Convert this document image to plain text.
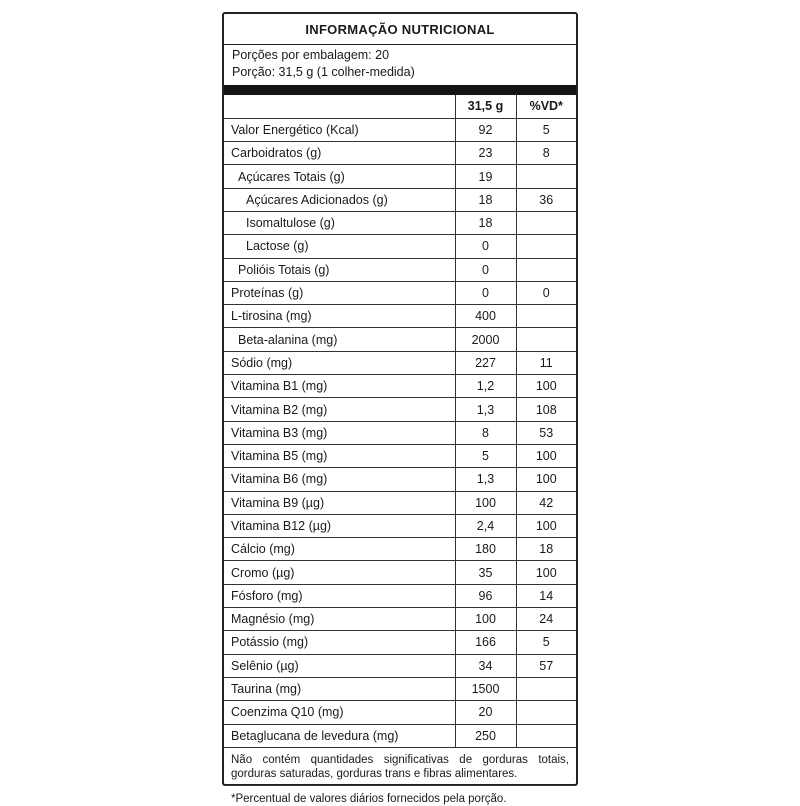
INFORMAÇÃO NUTRICIONAL
Porções por embalagem: 20
Porção: 31,5 g (1 colher-medida)
	31,5 g	%VD*
Valor Energético (Kcal)	92	5
Carboidratos (g)	23	8
Açúcares Totais (g)	19	
Açúcares Adicionados (g)	18	36
Isomaltulose (g)	18	
Lactose (g)	0	
Polióis Totais (g)	0	
Proteínas (g)	0	0
L-tirosina (mg)	400	
Beta-alanina (mg)	2000	
Sódio (mg)	227	11
Vitamina B1 (mg)	1,2	100
Vitamina B2 (mg)	1,3	108
Vitamina B3 (mg)	8	53
Vitamina B5 (mg)	5	100
Vitamina B6 (mg)	1,3	100
Vitamina B9 (µg)	100	42
Vitamina B12 (µg)	2,4	100
Cálcio (mg)	180	18
Cromo (µg)	35	100
Fósforo (mg)	96	14
Magnésio (mg)	100	24
Potássio (mg)	166	5
Selênio (µg)	34	57
Taurina (mg)	1500	
Coenzima Q10 (mg)	20	
Betaglucana de levedura (mg)	250	
Não contém quantidades significativas de gorduras totais, gorduras saturadas, gorduras trans e fibras alimentares.
*Percentual de valores diários fornecidos pela porção.
